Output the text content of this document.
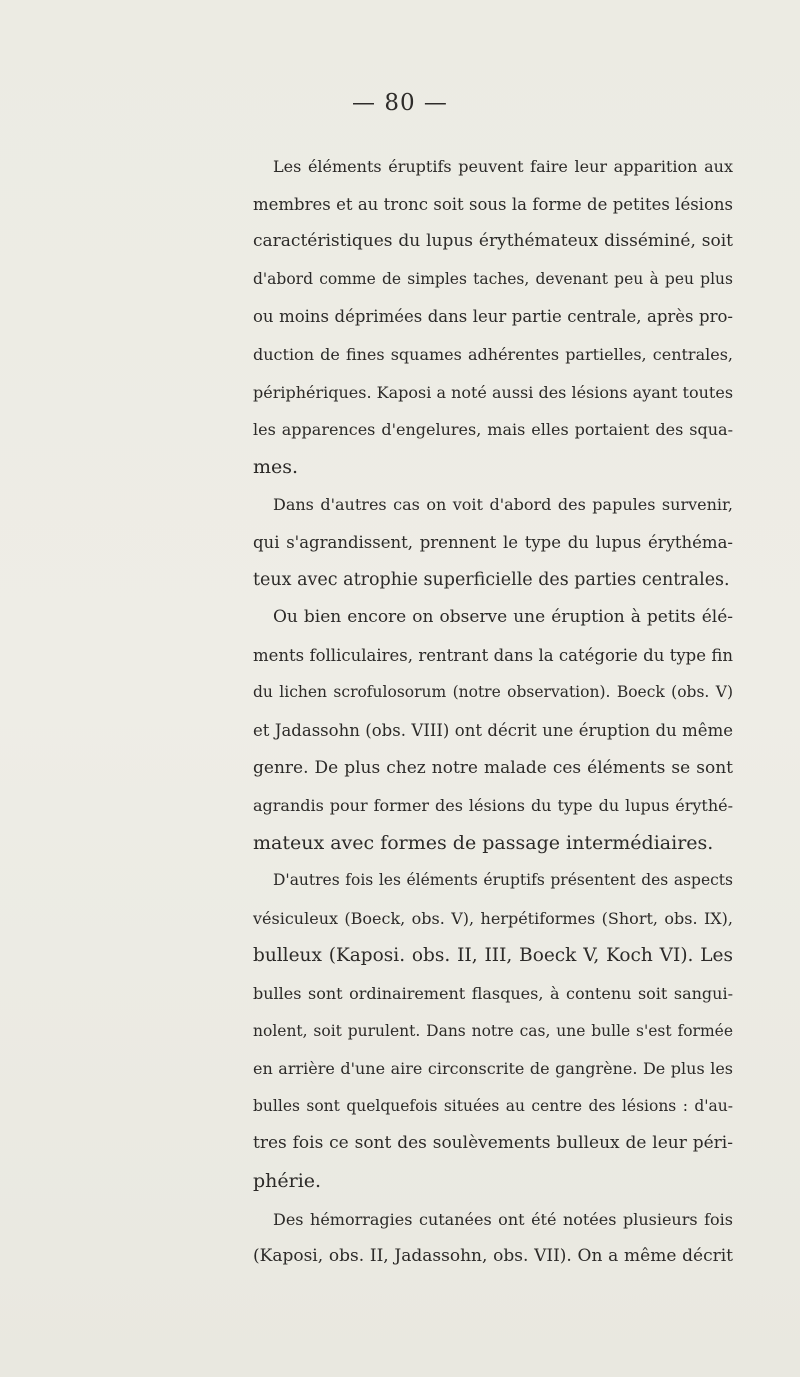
— 80 —
Les éléments éruptifs peuvent faire leur apparition aux
membres et au tronc soit sous la forme de petites lésions
caractéristiques du lupus érythémateux disséminé, soit
d'abord comme de simples taches, devenant peu à peu plus
ou moins déprimées dans leur partie centrale, après pro-
duction de fines squames adhérentes partielles, centrales,
périphériques. Kaposi a noté aussi des lésions ayant toutes
les apparences d'engelures, mais elles portaient des squa-
mes.
Dans d'autres cas on voit d'abord des papules survenir,
qui s'agrandissent, prennent le type du lupus érythéma-
teux avec atrophie superficielle des parties centrales.
Ou bien encore on observe une éruption à petits élé-
ments folliculaires, rentrant dans la catégorie du type fin
du lichen scrofulosorum (notre observation). Boeck (obs. V)
et Jadassohn (obs. VIII) ont décrit une éruption du même
genre. De plus chez notre malade ces éléments se sont
agrandis pour former des lésions du type du lupus érythé-
mateux avec formes de passage intermédiaires.
D'autres fois les éléments éruptifs présentent des aspects
vésiculeux (Boeck, obs. V), herpétiformes (Short, obs. IX),
bulleux (Kaposi. obs. II, III, Boeck V, Koch VI). Les
bulles sont ordinairement flasques, à contenu soit sangui-
nolent, soit purulent. Dans notre cas, une bulle s'est formée
en arrière d'une aire circonscrite de gangrène. De plus les
bulles sont quelquefois situées au centre des lésions : d'au-
tres fois ce sont des soulèvements bulleux de leur péri-
phérie.
Des hémorragies cutanées ont été notées plusieurs fois
(Kaposi, obs. II, Jadassohn, obs. VII). On a même décrit
